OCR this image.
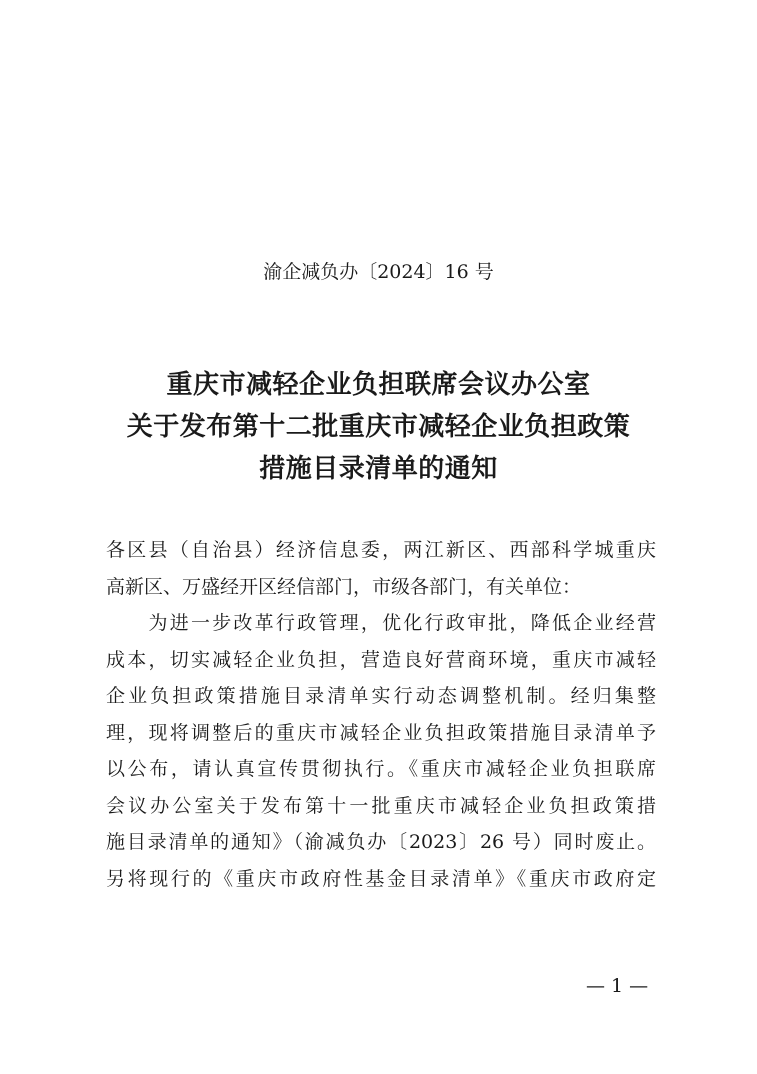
渝企减负办〔2024〕16 号
重庆市减轻企业负担联席会议办公室
关于发布第十二批重庆市减轻企业负担政策
措施目录清单的通知
各区县（自治县）经济信息委，两江新区、西部科学城重庆
高新区、万盛经开区经信部门，市级各部门，有关单位：
　　为进一步改革行政管理，优化行政审批，降低企业经营
成本，切实减轻企业负担，营造良好营商环境，重庆市减轻
企业负担政策措施目录清单实行动态调整机制。经归集整
理，现将调整后的重庆市减轻企业负担政策措施目录清单予
以公布，请认真宣传贯彻执行。《重庆市减轻企业负担联席
会议办公室关于发布第十一批重庆市减轻企业负担政策措
施目录清单的通知》（渝减负办〔2023〕26 号）同时废止。
另将现行的《重庆市政府性基金目录清单》《重庆市政府定
— 1 —
